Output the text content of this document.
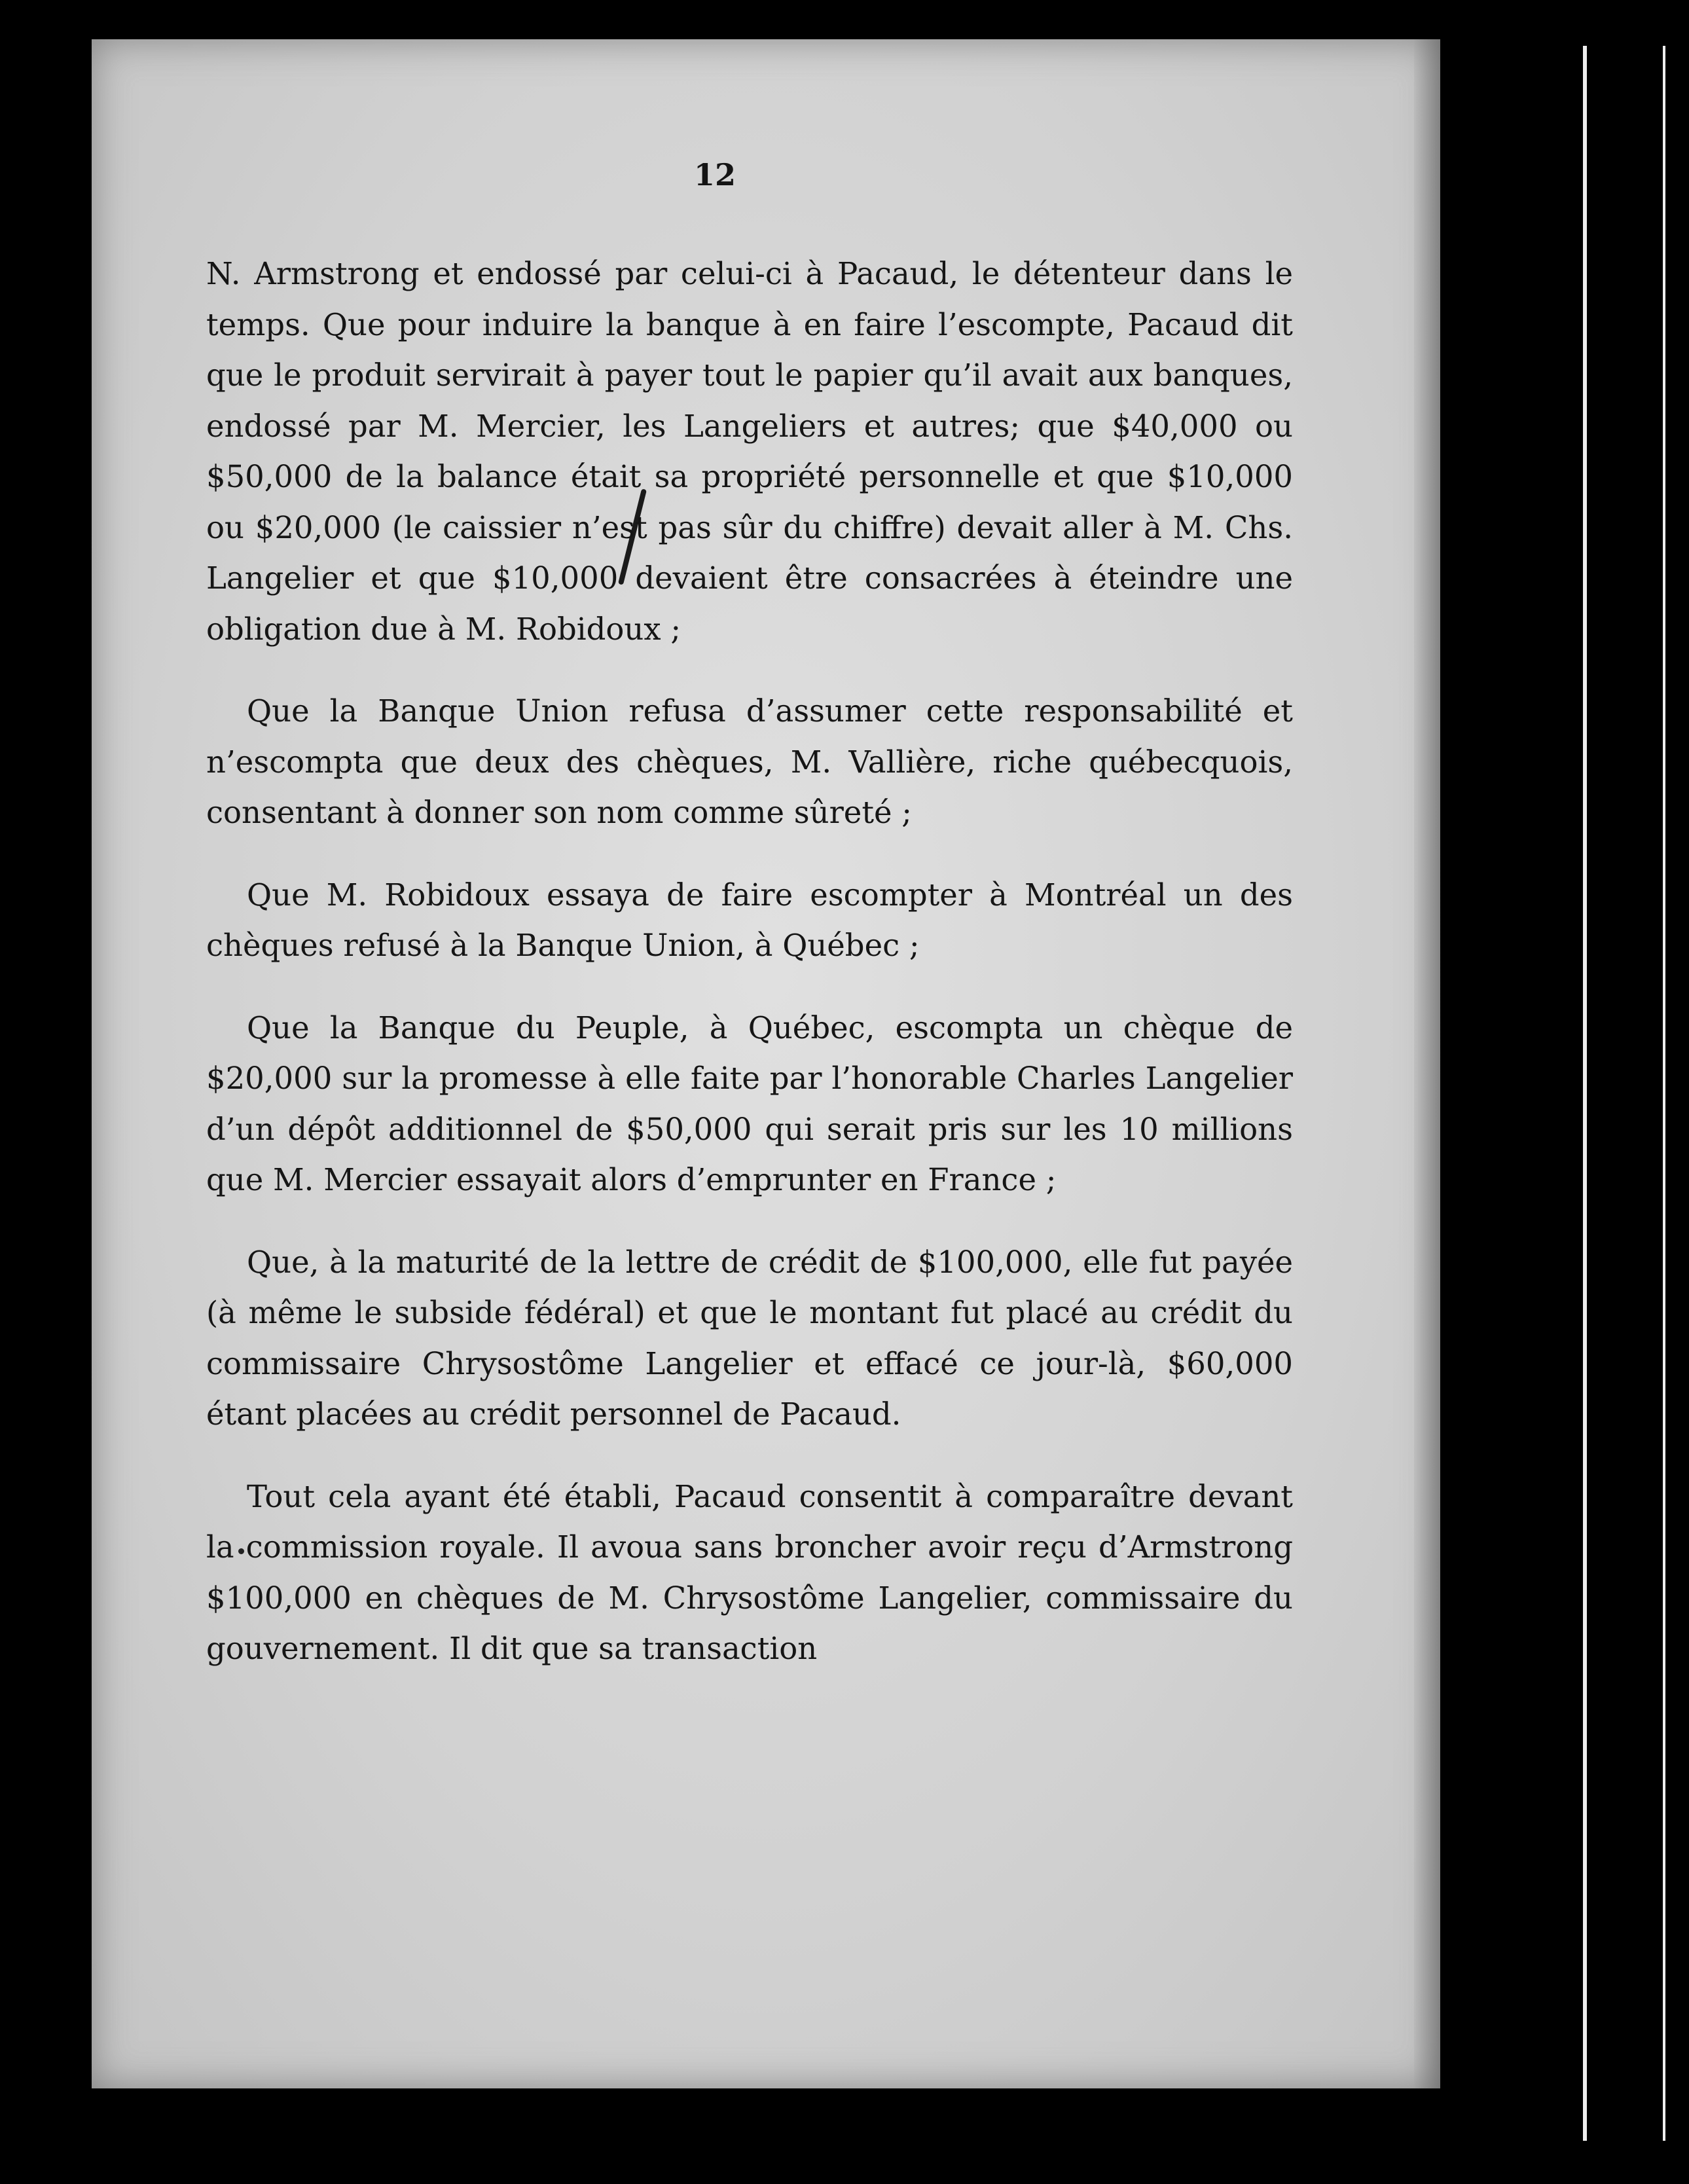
12

N. Armstrong et endossé par celui-ci à Pacaud, le détenteur dans le temps. Que pour induire la banque à en faire l’escompte, Pacaud dit que le produit servirait à payer tout le papier qu’il avait aux banques, endossé par M. Mercier, les Langeliers et autres; que $40,000 ou $50,000 de la balance était sa propriété personnelle et que $10,000 ou $20,000 (le caissier n’est pas sûr du chiffre) devait aller à M. Chs. Langelier et que $10,000 devaient être consacrées à éteindre une obligation due à M. Robidoux ;

Que la Banque Union refusa d’assumer cette responsabilité et n’escompta que deux des chèques, M. Vallière, riche québecquois, consentant à donner son nom comme sûreté ;

Que M. Robidoux essaya de faire escompter à Montréal un des chèques refusé à la Banque Union, à Québec ;

Que la Banque du Peuple, à Québec, escompta un chèque de $20,000 sur la promesse à elle faite par l’honorable Charles Langelier d’un dépôt additionnel de $50,000 qui serait pris sur les 10 millions que M. Mercier essayait alors d’emprunter en France ;

Que, à la maturité de la lettre de crédit de $100,000, elle fut payée (à même le subside fédéral) et que le montant fut placé au crédit du commissaire Chrysostôme Langelier et effacé ce jour-là, $60,000 étant placées au crédit personnel de Pacaud.

Tout cela ayant été établi, Pacaud consentit à comparaître devant la commission royale. Il avoua sans broncher avoir reçu d’Armstrong $100,000 en chèques de M. Chrysostôme Langelier, commissaire du gouvernement. Il dit que sa transaction
